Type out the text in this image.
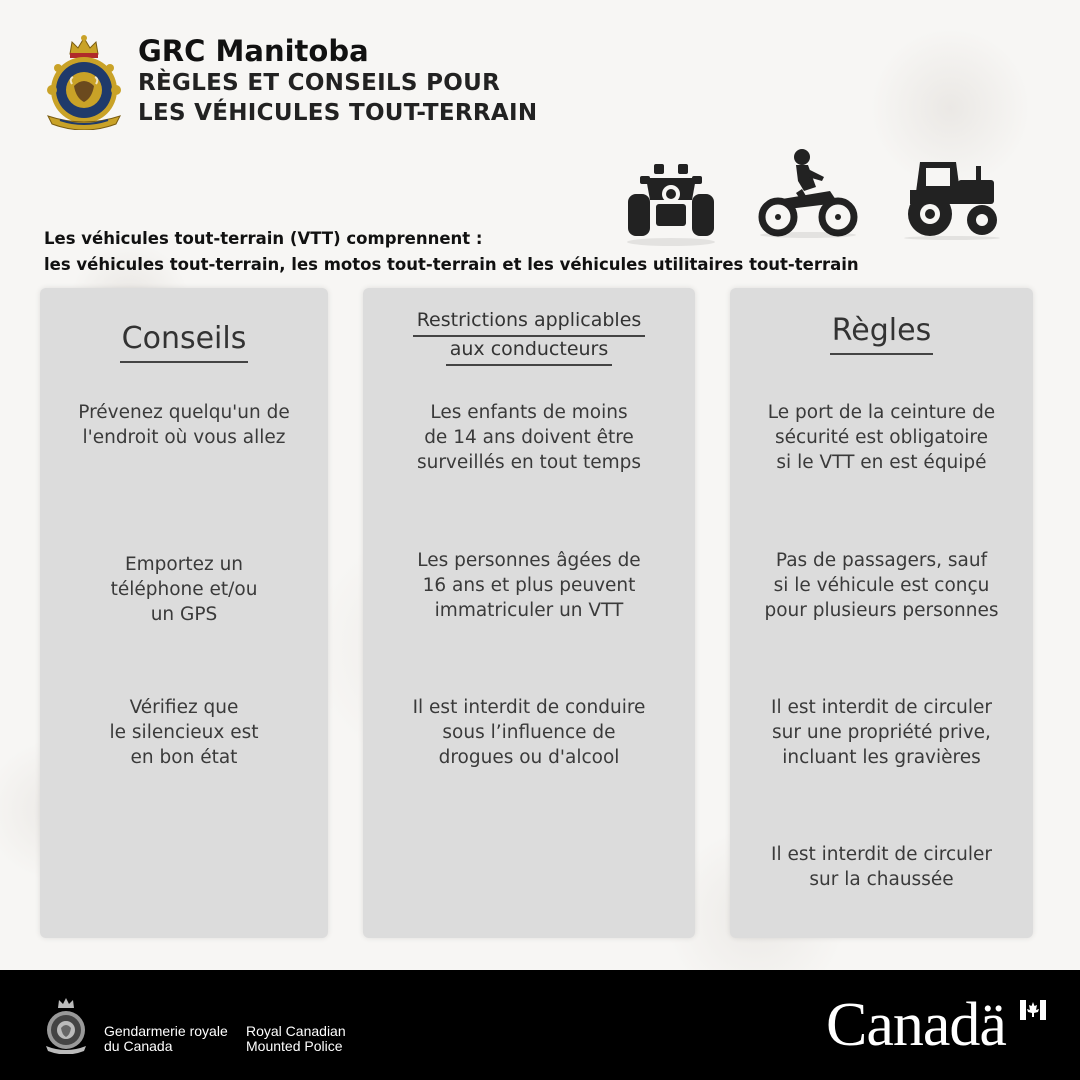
GRC Manitoba
RÈGLES ET CONSEILS POUR
LES VÉHICULES TOUT-TERRAIN

Les véhicules tout-terrain (VTT) comprennent :

les véhicules tout-terrain, les motos tout-terrain et les véhicules utilitaires tout-terrain

Conseils
Prévenez quelqu'un de
l'endroit où vous allez
Emportez un
téléphone et/ou
un GPS
Vérifiez que
le silencieux est
en bon état
Restrictions applicables
aux conducteurs
Les enfants de moins
de 14 ans doivent être
surveillés en tout temps
Les personnes âgées de
16 ans et plus peuvent
immatriculer un VTT
Il est interdit de conduire
sous l’influence de
drogues ou d'alcool
Règles
Le port de la ceinture de
sécurité est obligatoire
si le VTT en est équipé
Pas de passagers, sauf
si le véhicule est conçu
pour plusieurs personnes
Il est interdit de circuler
sur une propriété prive,
incluant les gravières
Il est interdit de circuler
sur la chaussée
Gendarmerie royale
du Canada
Royal Canadian
Mounted Police	Canadä
